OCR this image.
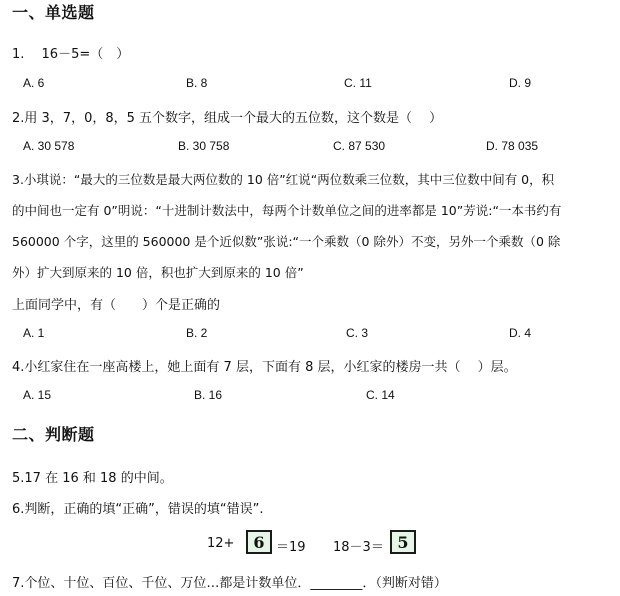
一、单选题
1.　 16－5=（　）
A. 6	B. 8	C. 11	D. 9
2.用 3，7，0，8，5 五个数字，组成一个最大的五位数，这个数是（　 ）
A. 30 578	B. 30 758	C. 87 530	D. 78 035
3.小琪说：“最大的三位数是最大两位数的 10 倍”红说“两位数乘三位数，其中三位数中间有 0，积
的中间也一定有 0”明说：“十进制计数法中，每两个计数单位之间的进率都是 10”芳说:“一本书约有
560000 个字，这里的 560000 是个近似数”张说:“一个乘数（0 除外）不变，另外一个乘数（0 除
外）扩大到原来的 10 倍，积也扩大到原来的 10 倍”
上面同学中，有（　　）个是正确的
A. 1	B. 2	C. 3	D. 4
4.小红家住在一座高楼上，她上面有 7 层，下面有 8 层，小红家的楼房一共（　 ）层。
A. 15	B. 16	C. 14
二、判断题
5.17 在 16 和 18 的中间。
6.判断，正确的填“正确”，错误的填“错误”.
12+	6 ＝19 18－3＝ 5
7.个位、十位、百位、千位、万位…都是计数单位．________．（判断对错）
